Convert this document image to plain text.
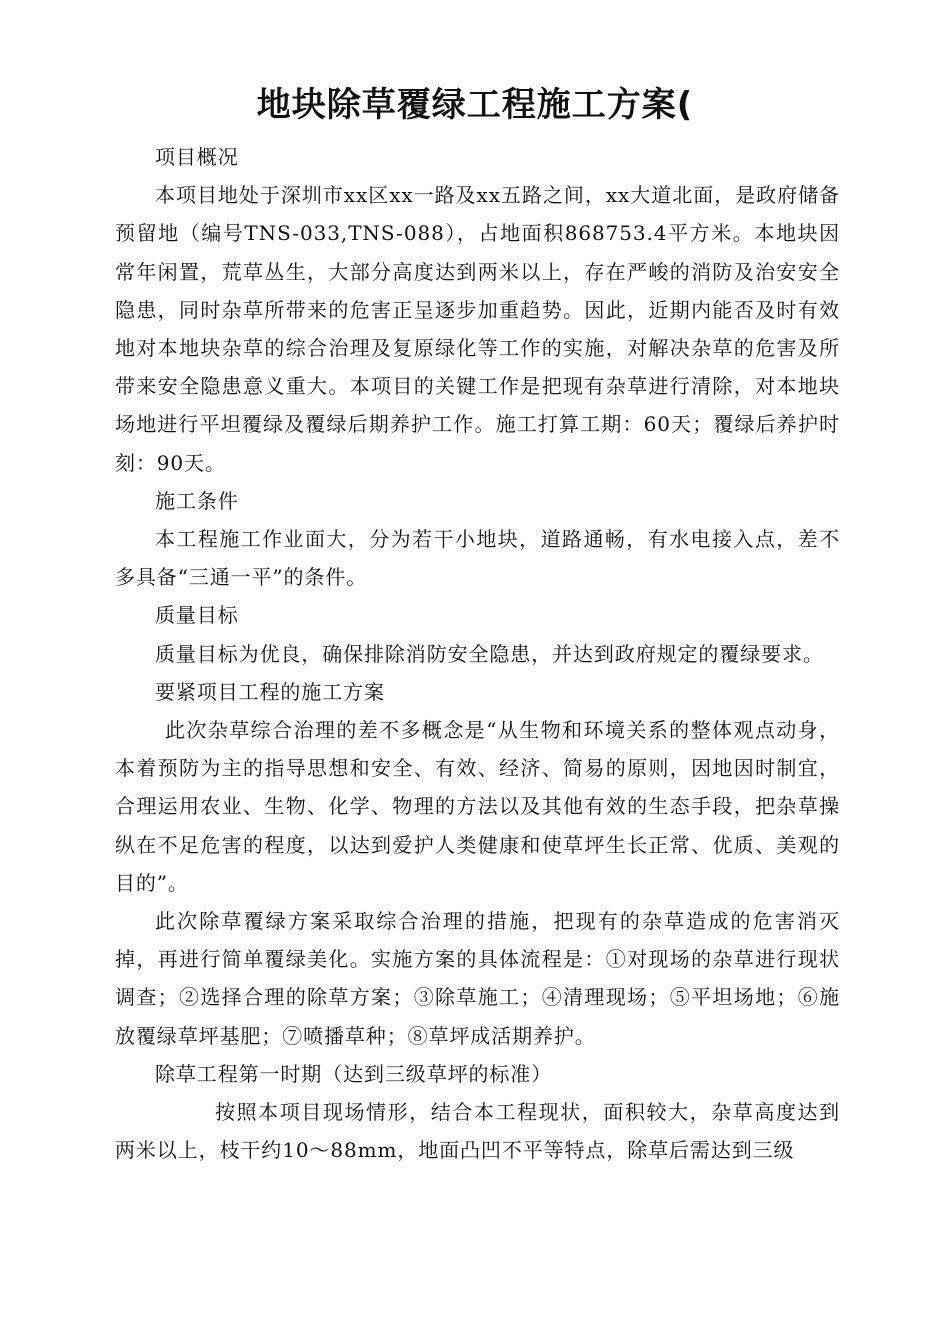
地块除草覆绿工程施工方案(

项目概况

本项目地处于深圳市xx区xx一路及xx五路之间，xx大道北面，是政府储备预留地（编号TNS-033,TNS-088），占地面积868753.4平方米。本地块因常年闲置，荒草丛生，大部分高度达到两米以上，存在严峻的消防及治安安全隐患，同时杂草所带来的危害正呈逐步加重趋势。因此，近期内能否及时有效地对本地块杂草的综合治理及复原绿化等工作的实施，对解决杂草的危害及所带来安全隐患意义重大。本项目的关键工作是把现有杂草进行清除，对本地块场地进行平坦覆绿及覆绿后期养护工作。施工打算工期：60天；覆绿后养护时刻：90天。

施工条件

本工程施工作业面大，分为若干小地块，道路通畅，有水电接入点，差不多具备“三通一平”的条件。

质量目标

质量目标为优良，确保排除消防安全隐患，并达到政府规定的覆绿要求。

要紧项目工程的施工方案

此次杂草综合治理的差不多概念是“从生物和环境关系的整体观点动身，本着预防为主的指导思想和安全、有效、经济、简易的原则，因地因时制宜，合理运用农业、生物、化学、物理的方法以及其他有效的生态手段，把杂草操纵在不足危害的程度，以达到爱护人类健康和使草坪生长正常、优质、美观的目的”。

此次除草覆绿方案采取综合治理的措施，把现有的杂草造成的危害消灭掉，再进行简单覆绿美化。实施方案的具体流程是：①对现场的杂草进行现状调查；②选择合理的除草方案；③除草施工；④清理现场；⑤平坦场地；⑥施放覆绿草坪基肥；⑦喷播草种；⑧草坪成活期养护。

除草工程第一时期（达到三级草坪的标准）

按照本项目现场情形，结合本工程现状，面积较大，杂草高度达到两米以上，枝干约10～88mm，地面凸凹不平等特点，除草后需达到三级
